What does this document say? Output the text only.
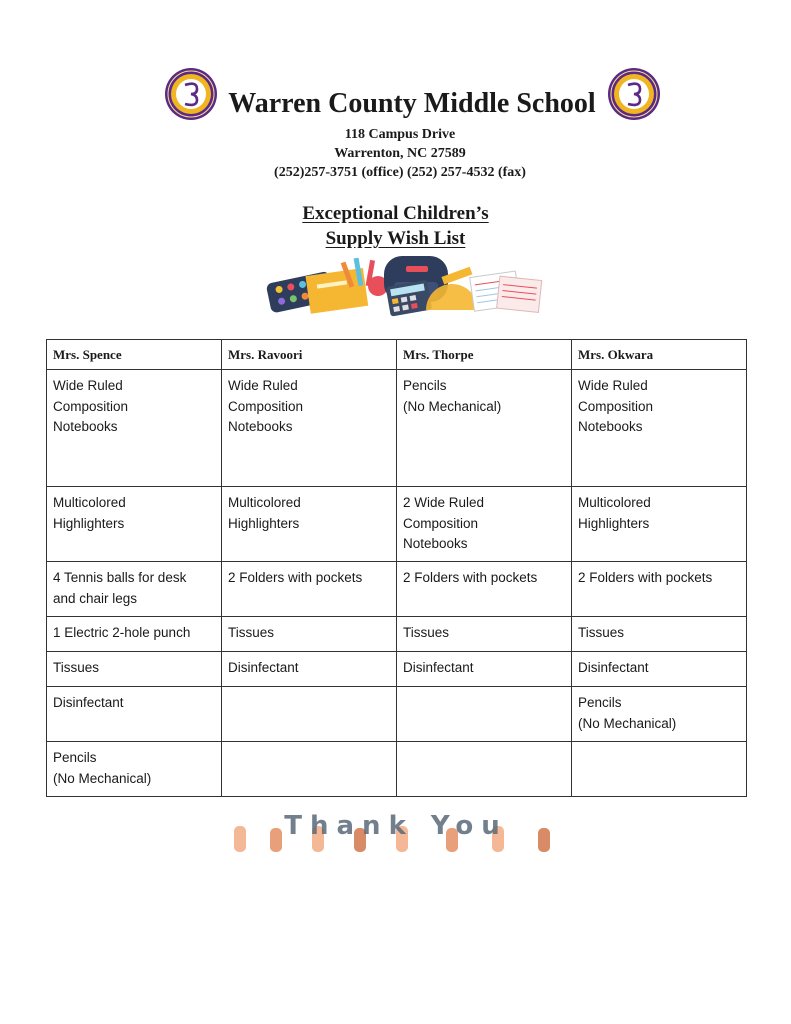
Warren County Middle School
118 Campus Drive
Warrenton, NC 27589
(252)257-3751 (office) (252) 257-4532 (fax)
Exceptional Children’s
Supply Wish List
Mrs. Spence	Mrs. Ravoori	Mrs. Thorpe	Mrs. Okwara
Wide Ruled
Composition
Notebooks	Wide Ruled
Composition
Notebooks	Pencils
(No Mechanical)	Wide Ruled
Composition
Notebooks
Multicolored
Highlighters	Multicolored
Highlighters	2 Wide Ruled
Composition
Notebooks	Multicolored
Highlighters
4 Tennis balls for desk
and chair legs	2 Folders with pockets	2 Folders with pockets	2 Folders with pockets
1 Electric 2-hole punch	Tissues	Tissues	Tissues
Tissues	Disinfectant	Disinfectant	Disinfectant
Disinfectant			Pencils
(No Mechanical)
Pencils
(No Mechanical)			
Thank You
